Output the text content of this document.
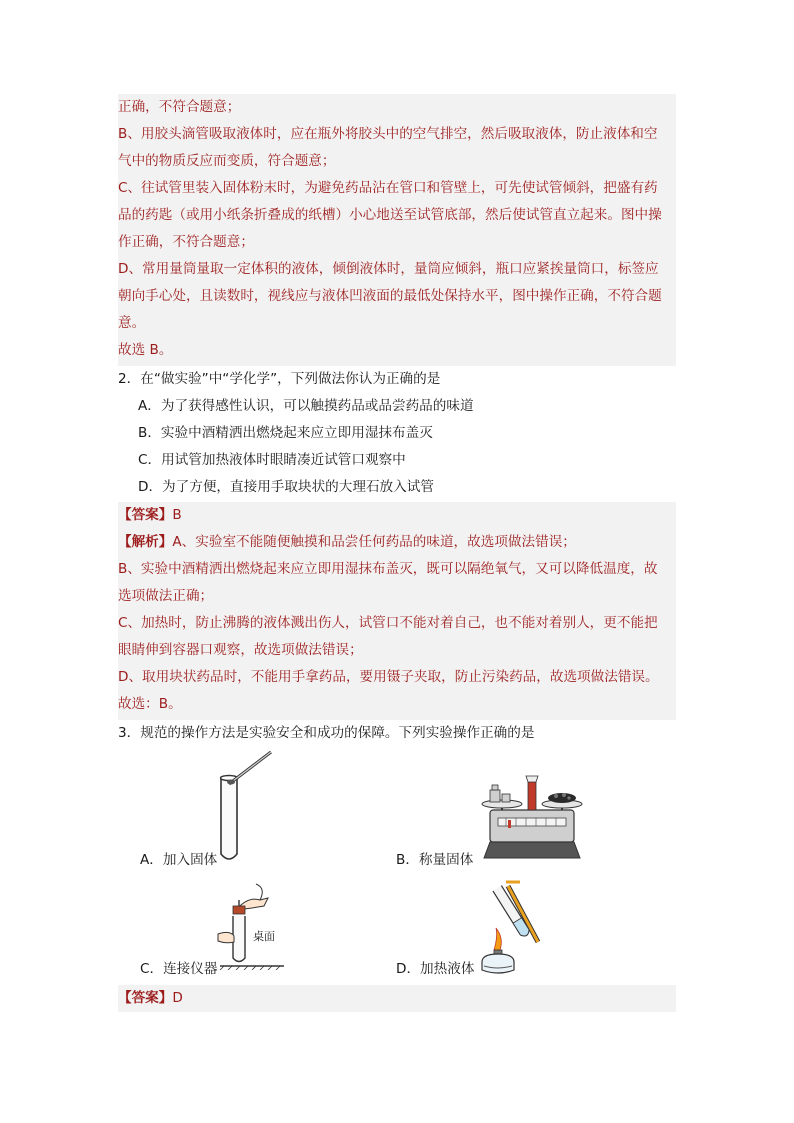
正确，不符合题意；
B、用胶头滴管吸取液体时，应在瓶外将胶头中的空气排空，然后吸取液体，防止液体和空
气中的物质反应而变质，符合题意；
C、往试管里装入固体粉末时，为避免药品沾在管口和管壁上，可先使试管倾斜，把盛有药
品的药匙（或用小纸条折叠成的纸槽）小心地送至试管底部，然后使试管直立起来。图中操
作正确，不符合题意；
D、常用量筒量取一定体积的液体，倾倒液体时，量筒应倾斜，瓶口应紧挨量筒口，标签应
朝向手心处，且读数时，视线应与液体凹液面的最低处保持水平，图中操作正确，不符合题
意。
故选 B。
2．在“做实验”中“学化学”，下列做法你认为正确的是
A．为了获得感性认识，可以触摸药品或品尝药品的味道
B．实验中酒精洒出燃烧起来应立即用湿抹布盖灭
C．用试管加热液体时眼睛凑近试管口观察中
D．为了方便，直接用手取块状的大理石放入试管
【答案】B
【解析】A、实验室不能随便触摸和品尝任何药品的味道，故选项做法错误；
B、实验中酒精洒出燃烧起来应立即用湿抹布盖灭，既可以隔绝氧气，又可以降低温度，故
选项做法正确；
C、加热时，防止沸腾的液体溅出伤人，试管口不能对着自己，也不能对着别人，更不能把
眼睛伸到容器口观察，故选项做法错误；
D、取用块状药品时，不能用手拿药品，要用镊子夹取，防止污染药品，故选项做法错误。
故选：B。
3．规范的操作方法是实验安全和成功的保障。下列实验操作正确的是
A．加入固体	B．称量固体
桌面
C．连接仪器	D．加热液体
【答案】D
